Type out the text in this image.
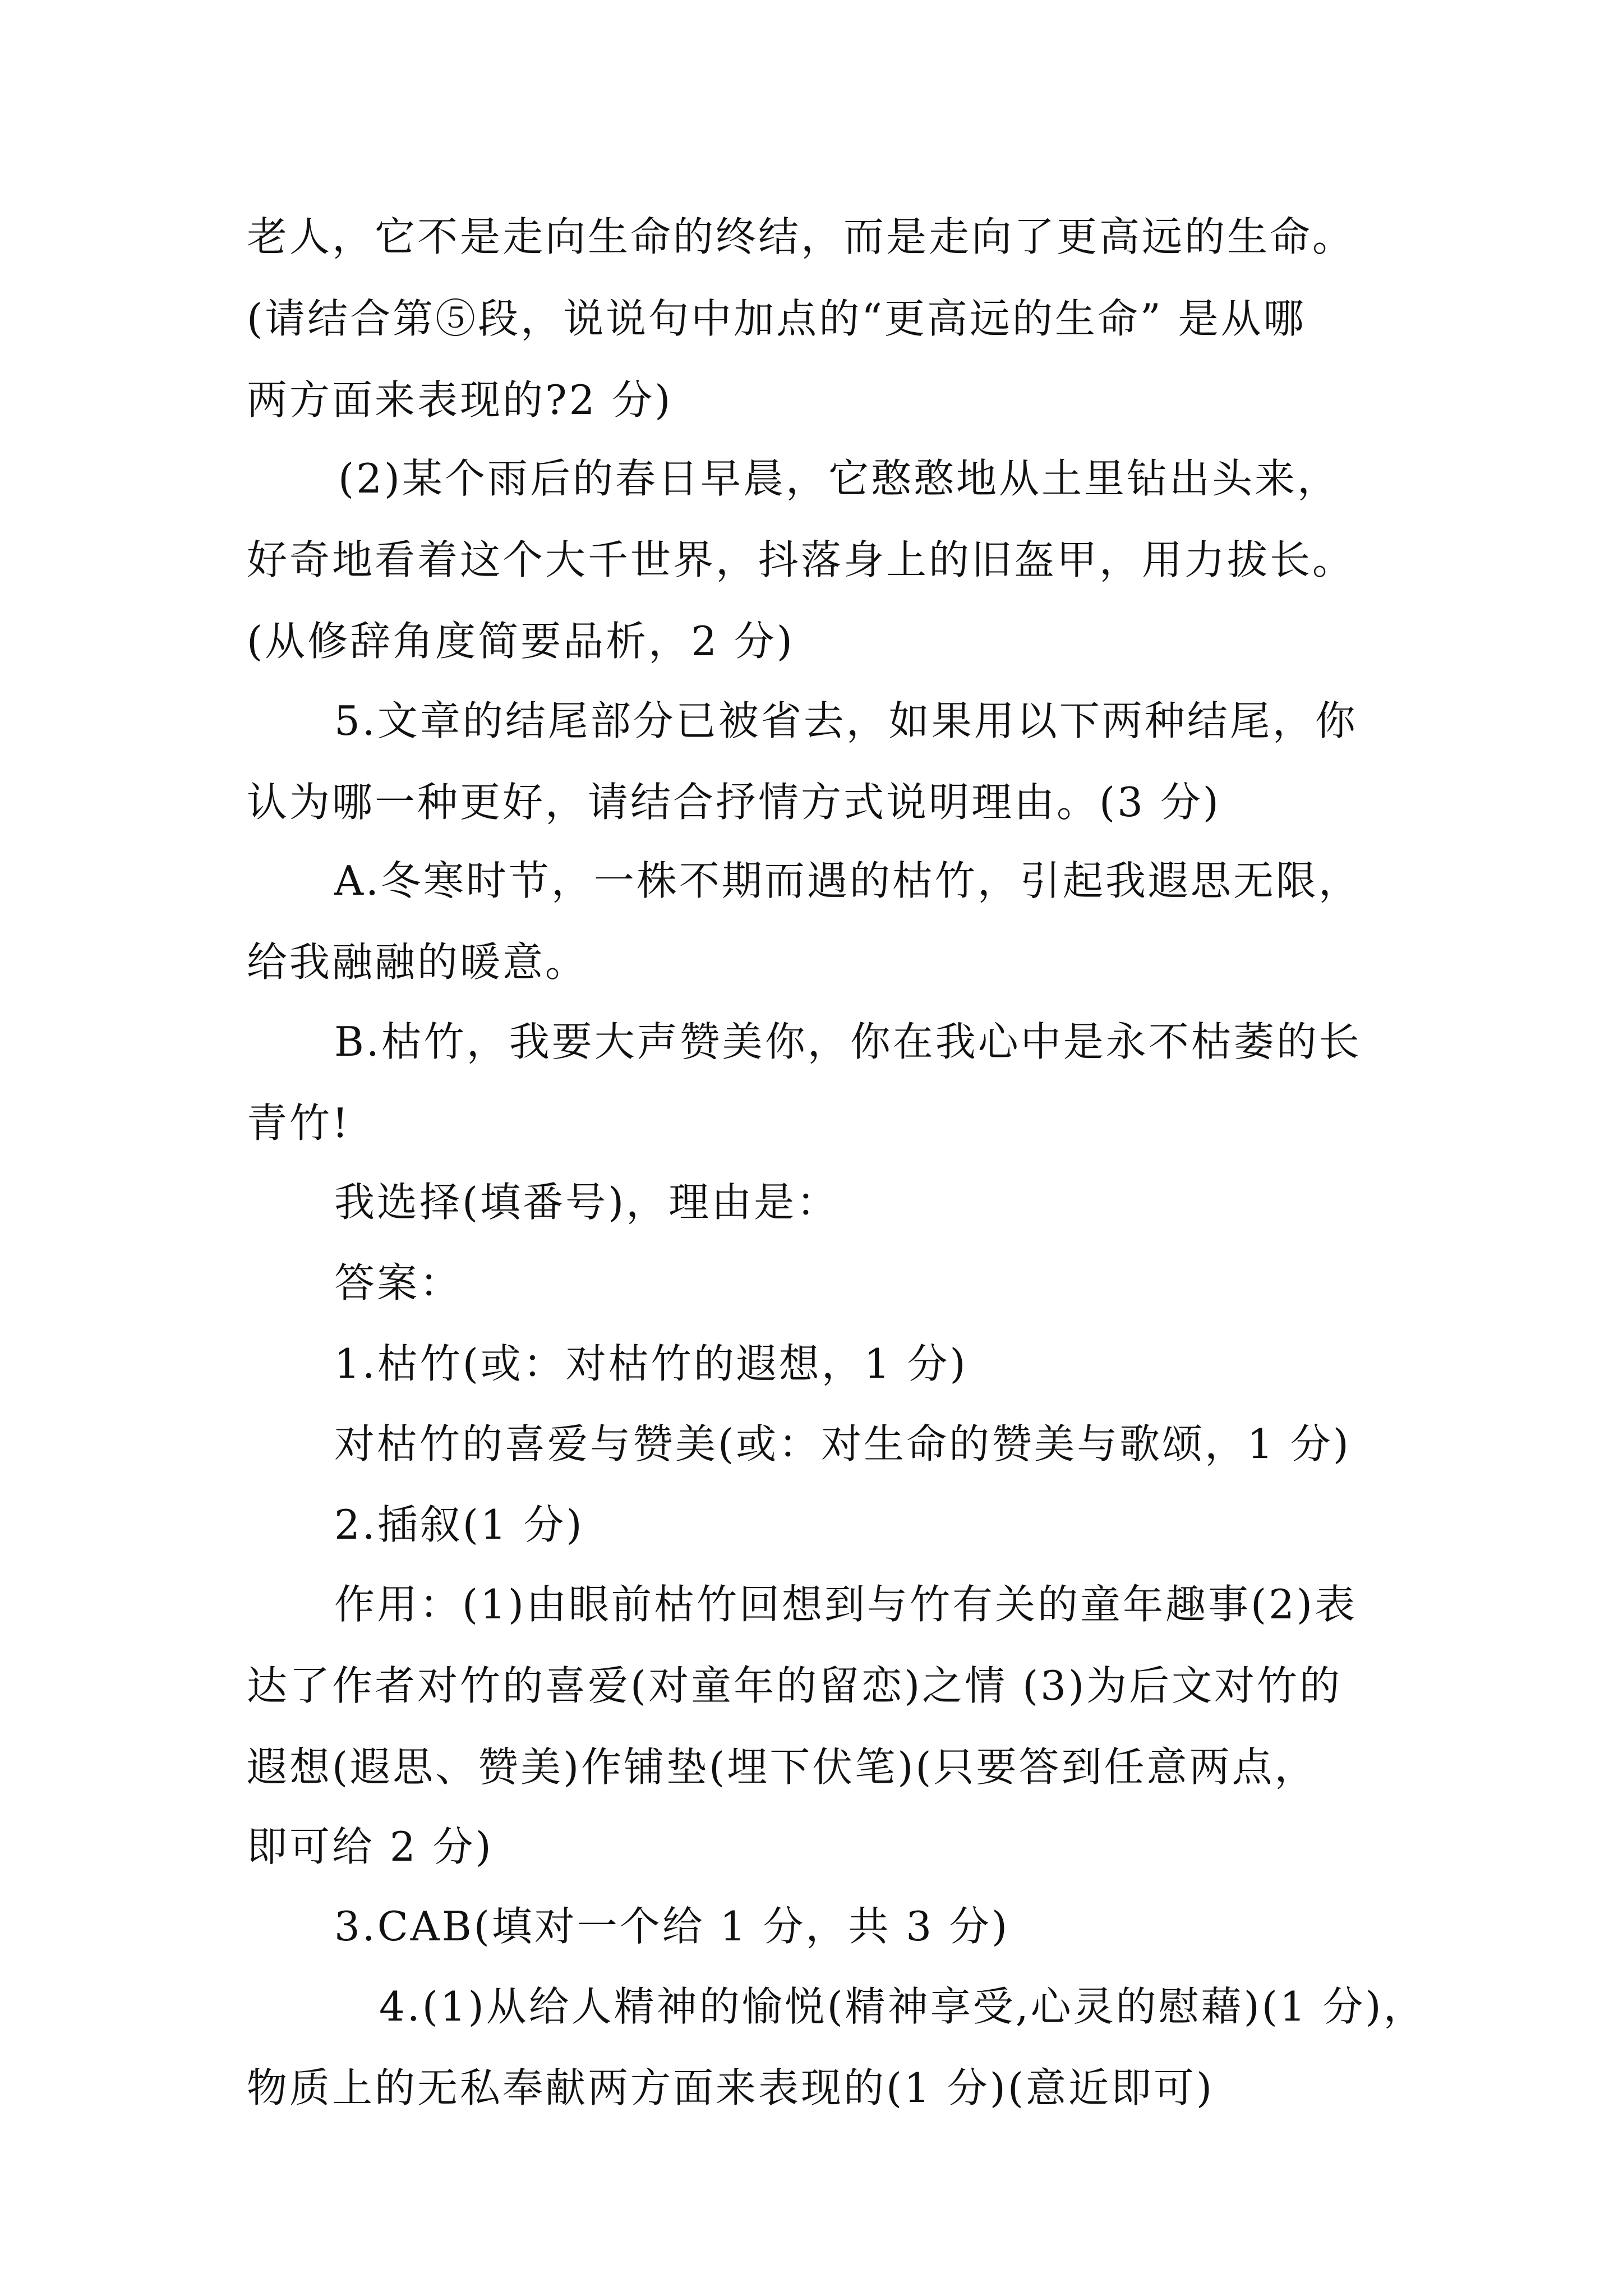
老人，它不是走向生命的终结，而是走向了更高远的生命。
(请结合第⑤段，说说句中加点的“更高远的生命” 是从哪
两方面来表现的?2 分)
(2)某个雨后的春日早晨，它憨憨地从土里钻出头来，
好奇地看着这个大千世界，抖落身上的旧盔甲，用力拔长。
(从修辞角度简要品析，2 分)
5.文章的结尾部分已被省去，如果用以下两种结尾，你
认为哪一种更好，请结合抒情方式说明理由。(3 分)
A.冬寒时节，一株不期而遇的枯竹，引起我遐思无限，
给我融融的暖意。
B.枯竹，我要大声赞美你，你在我心中是永不枯萎的长
青竹!
我选择(填番号)，理由是：
答案：
1.枯竹(或：对枯竹的遐想，1 分)
对枯竹的喜爱与赞美(或：对生命的赞美与歌颂，1 分)
2.插叙(1 分)
作用：(1)由眼前枯竹回想到与竹有关的童年趣事(2)表
达了作者对竹的喜爱(对童年的留恋)之情 (3)为后文对竹的
遐想(遐思、赞美)作铺垫(埋下伏笔)(只要答到任意两点，
即可给 2 分)
3.CAB(填对一个给 1 分，共 3 分)
4.(1)从给人精神的愉悦(精神享受,心灵的慰藉)(1 分)，
物质上的无私奉献两方面来表现的(1 分)(意近即可)
